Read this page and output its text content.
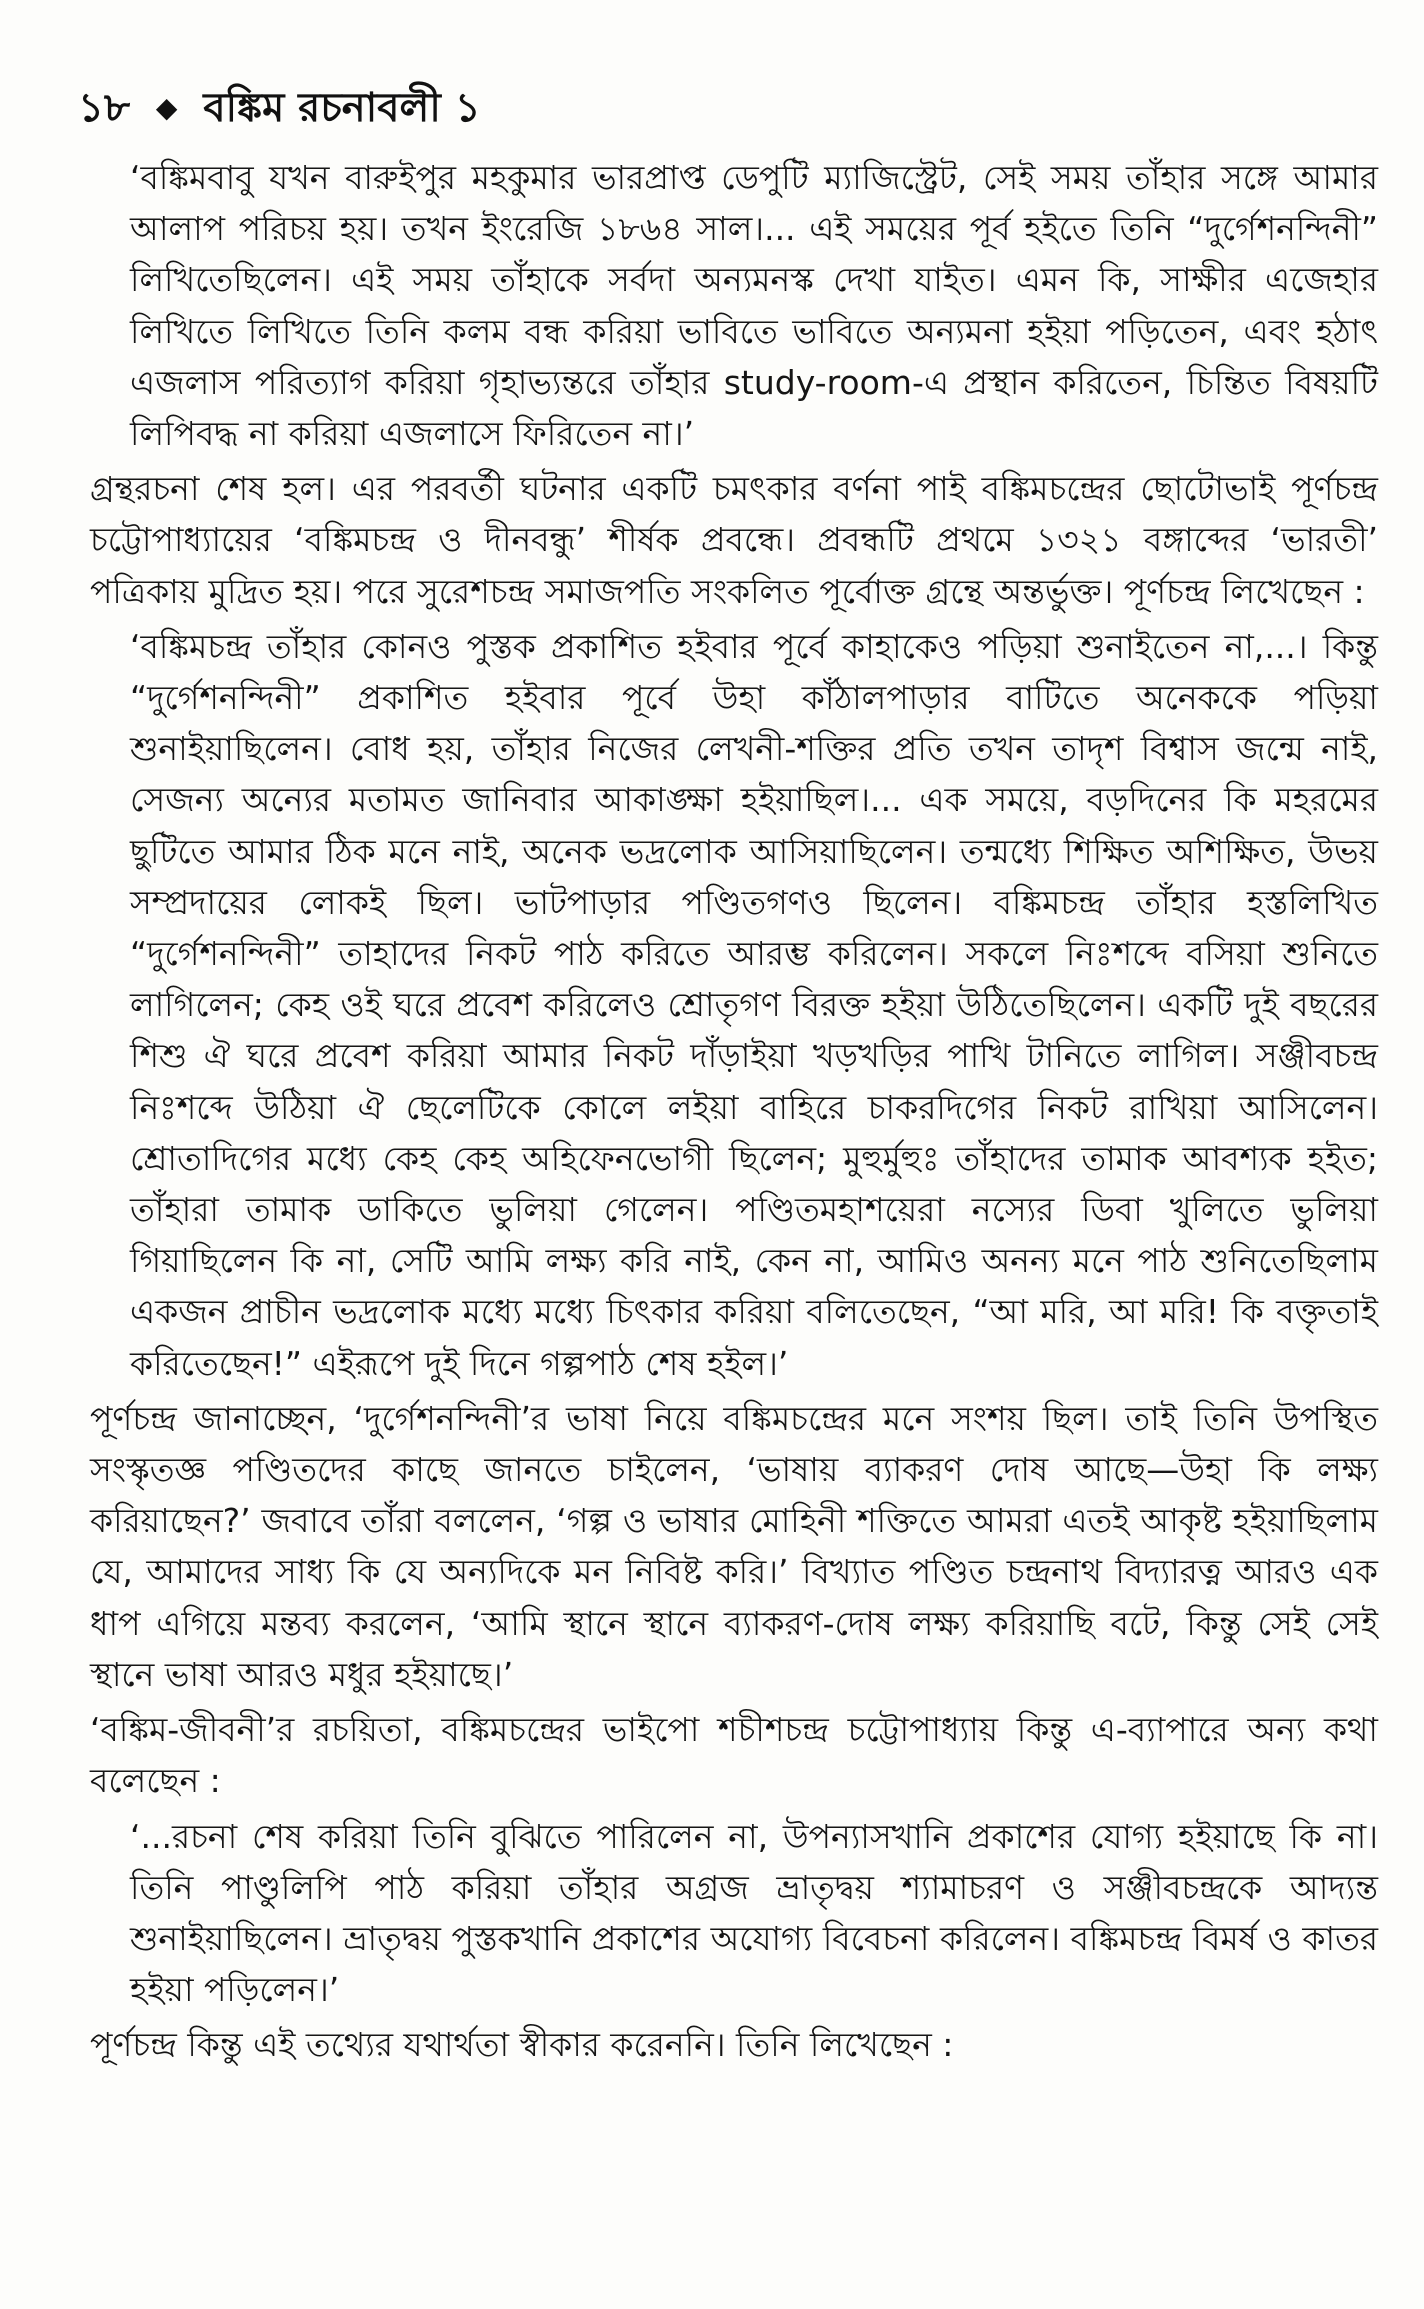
১৮ ◆ বঙ্কিম রচনাবলী ১

‘বঙ্কিমবাবু যখন বারুইপুর মহকুমার ভারপ্রাপ্ত ডেপুটি ম্যাজিস্ট্রেট, সেই সময় তাঁহার সঙ্গে আমার আলাপ পরিচয় হয়। তখন ইংরেজি ১৮৬৪ সাল।... এই সময়ের পূর্ব হইতে তিনি “দুর্গেশনন্দিনী” লিখিতেছিলেন। এই সময় তাঁহাকে সর্বদা অন্যমনস্ক দেখা যাইত। এমন কি, সাক্ষীর এজেহার লিখিতে লিখিতে তিনি কলম বন্ধ করিয়া ভাবিতে ভাবিতে অন্যমনা হইয়া পড়িতেন, এবং হঠাৎ এজলাস পরিত্যাগ করিয়া গৃহাভ্যন্তরে তাঁহার study-room-এ প্রস্থান করিতেন, চিন্তিত বিষয়টি লিপিবদ্ধ না করিয়া এজলাসে ফিরিতেন না।’

গ্রন্থরচনা শেষ হল। এর পরবর্তী ঘটনার একটি চমৎকার বর্ণনা পাই বঙ্কিমচন্দ্রের ছোটোভাই পূর্ণচন্দ্র চট্টোপাধ্যায়ের ‘বঙ্কিমচন্দ্র ও দীনবন্ধু’ শীর্ষক প্রবন্ধে। প্রবন্ধটি প্রথমে ১৩২১ বঙ্গাব্দের ‘ভারতী’ পত্রিকায় মুদ্রিত হয়। পরে সুরেশচন্দ্র সমাজপতি সংকলিত পূর্বোক্ত গ্রন্থে অন্তর্ভুক্ত। পূর্ণচন্দ্র লিখেছেন :

‘বঙ্কিমচন্দ্র তাঁহার কোনও পুস্তক প্রকাশিত হইবার পূর্বে কাহাকেও পড়িয়া শুনাইতেন না,...। কিন্তু “দুর্গেশনন্দিনী” প্রকাশিত হইবার পূর্বে উহা কাঁঠালপাড়ার বাটিতে অনেককে পড়িয়া শুনাইয়াছিলেন। বোধ হয়, তাঁহার নিজের লেখনী-শক্তির প্রতি তখন তাদৃশ বিশ্বাস জন্মে নাই, সেজন্য অন্যের মতামত জানিবার আকাঙ্ক্ষা হইয়াছিল।... এক সময়ে, বড়দিনের কি মহরমের ছুটিতে আমার ঠিক মনে নাই, অনেক ভদ্রলোক আসিয়াছিলেন। তন্মধ্যে শিক্ষিত অশিক্ষিত, উভয় সম্প্রদায়ের লোকই ছিল। ভাটপাড়ার পণ্ডিতগণও ছিলেন। বঙ্কিমচন্দ্র তাঁহার হস্তলিখিত “দুর্গেশনন্দিনী” তাহাদের নিকট পাঠ করিতে আরম্ভ করিলেন। সকলে নিঃশব্দে বসিয়া শুনিতে লাগিলেন; কেহ ওই ঘরে প্রবেশ করিলেও শ্রোতৃগণ বিরক্ত হইয়া উঠিতেছিলেন। একটি দুই বছরের শিশু ঐ ঘরে প্রবেশ করিয়া আমার নিকট দাঁড়াইয়া খড়খড়ির পাখি টানিতে লাগিল। সঞ্জীবচন্দ্র নিঃশব্দে উঠিয়া ঐ ছেলেটিকে কোলে লইয়া বাহিরে চাকরদিগের নিকট রাখিয়া আসিলেন। শ্রোতাদিগের মধ্যে কেহ কেহ অহিফেনভোগী ছিলেন; মুহুর্মুহুঃ তাঁহাদের তামাক আবশ্যক হইত; তাঁহারা তামাক ডাকিতে ভুলিয়া গেলেন। পণ্ডিতমহাশয়েরা নস্যের ডিবা খুলিতে ভুলিয়া গিয়াছিলেন কি না, সেটি আমি লক্ষ্য করি নাই, কেন না, আমিও অনন্য মনে পাঠ শুনিতেছিলাম একজন প্রাচীন ভদ্রলোক মধ্যে মধ্যে চিৎকার করিয়া বলিতেছেন, “আ মরি, আ মরি! কি বক্তৃতাই করিতেছেন!” এইরূপে দুই দিনে গল্পপাঠ শেষ হইল।’

পূর্ণচন্দ্র জানাচ্ছেন, ‘দুর্গেশনন্দিনী’র ভাষা নিয়ে বঙ্কিমচন্দ্রের মনে সংশয় ছিল। তাই তিনি উপস্থিত সংস্কৃতজ্ঞ পণ্ডিতদের কাছে জানতে চাইলেন, ‘ভাষায় ব্যাকরণ দোষ আছে—উহা কি লক্ষ্য করিয়াছেন?’ জবাবে তাঁরা বললেন, ‘গল্প ও ভাষার মোহিনী শক্তিতে আমরা এতই আকৃষ্ট হইয়াছিলাম যে, আমাদের সাধ্য কি যে অন্যদিকে মন নিবিষ্ট করি।’ বিখ্যাত পণ্ডিত চন্দ্রনাথ বিদ্যারত্ন আরও এক ধাপ এগিয়ে মন্তব্য করলেন, ‘আমি স্থানে স্থানে ব্যাকরণ-দোষ লক্ষ্য করিয়াছি বটে, কিন্তু সেই সেই স্থানে ভাষা আরও মধুর হইয়াছে।’

‘বঙ্কিম-জীবনী’র রচয়িতা, বঙ্কিমচন্দ্রের ভাইপো শচীশচন্দ্র চট্টোপাধ্যায় কিন্তু এ-ব্যাপারে অন্য কথা বলেছেন :

‘...রচনা শেষ করিয়া তিনি বুঝিতে পারিলেন না, উপন্যাসখানি প্রকাশের যোগ্য হইয়াছে কি না। তিনি পাণ্ডুলিপি পাঠ করিয়া তাঁহার অগ্রজ ভ্রাতৃদ্বয় শ্যামাচরণ ও সঞ্জীবচন্দ্রকে আদ্যন্ত শুনাইয়াছিলেন। ভ্রাতৃদ্বয় পুস্তকখানি প্রকাশের অযোগ্য বিবেচনা করিলেন। বঙ্কিমচন্দ্র বিমর্ষ ও কাতর হইয়া পড়িলেন।’

পূর্ণচন্দ্র কিন্তু এই তথ্যের যথার্থতা স্বীকার করেননি। তিনি লিখেছেন :
